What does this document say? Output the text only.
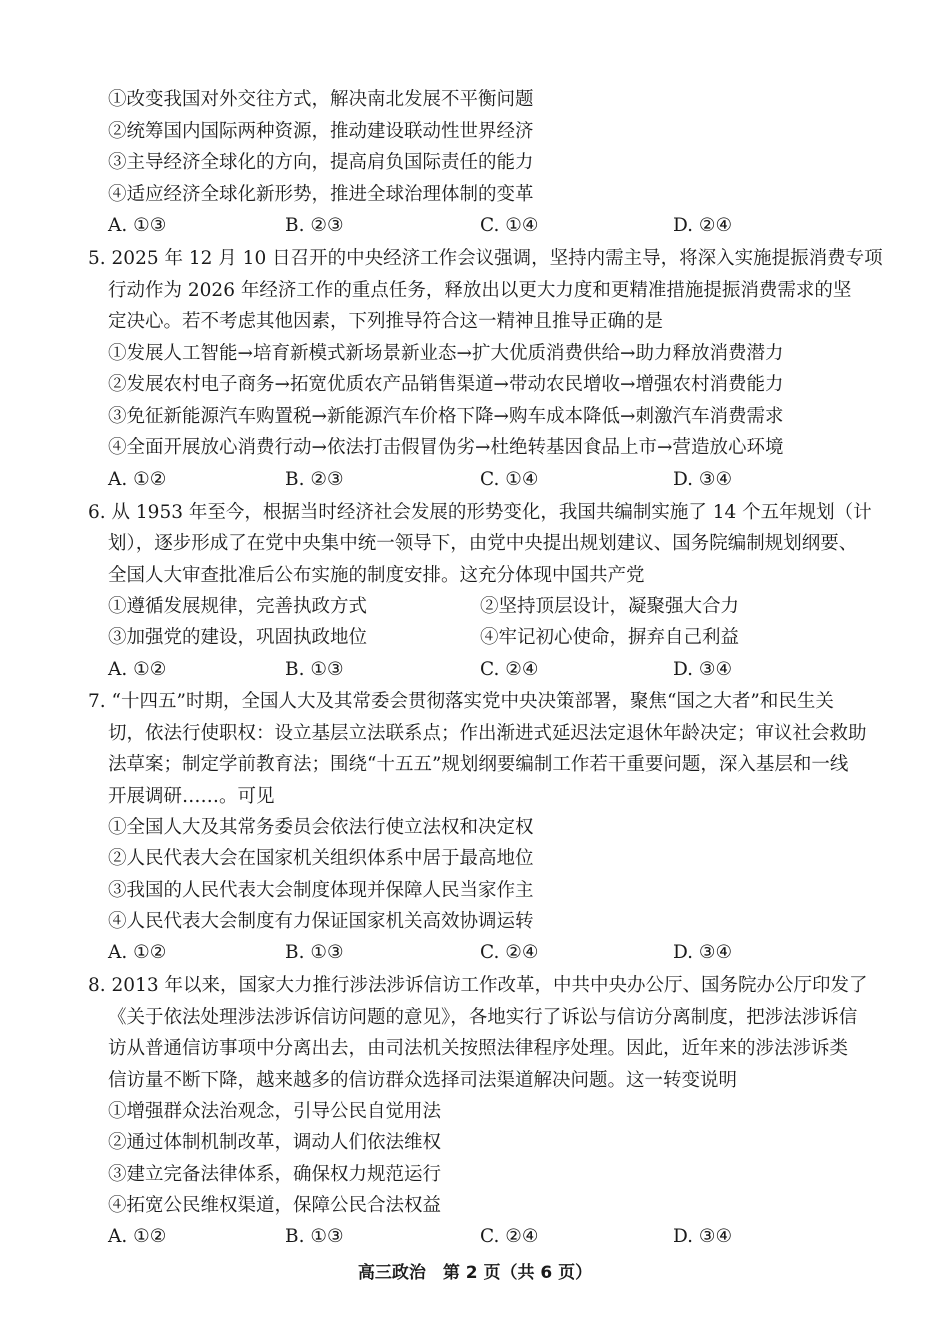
①改变我国对外交往方式，解决南北发展不平衡问题
②统筹国内国际两种资源，推动建设联动性世界经济
③主导经济全球化的方向，提高肩负国际责任的能力
④适应经济全球化新形势，推进全球治理体制的变革
A. ①③	B. ②③	C. ①④	D. ②④
5. 2025 年 12 月 10 日召开的中央经济工作会议强调，坚持内需主导，将深入实施提振消费专项
行动作为 2026 年经济工作的重点任务，释放出以更大力度和更精准措施提振消费需求的坚
定决心。若不考虑其他因素，下列推导符合这一精神且推导正确的是
①发展人工智能→培育新模式新场景新业态→扩大优质消费供给→助力释放消费潜力
②发展农村电子商务→拓宽优质农产品销售渠道→带动农民增收→增强农村消费能力
③免征新能源汽车购置税→新能源汽车价格下降→购车成本降低→刺激汽车消费需求
④全面开展放心消费行动→依法打击假冒伪劣→杜绝转基因食品上市→营造放心环境
A. ①②	B. ②③	C. ①④	D. ③④
6. 从 1953 年至今，根据当时经济社会发展的形势变化，我国共编制实施了 14 个五年规划（计
划），逐步形成了在党中央集中统一领导下，由党中央提出规划建议、国务院编制规划纲要、
全国人大审查批准后公布实施的制度安排。这充分体现中国共产党
①遵循发展规律，完善执政方式	②坚持顶层设计，凝聚强大合力
③加强党的建设，巩固执政地位	④牢记初心使命，摒弃自己利益
A. ①②	B. ①③	C. ②④	D. ③④
7. “十四五”时期，全国人大及其常委会贯彻落实党中央决策部署，聚焦“国之大者”和民生关
切，依法行使职权：设立基层立法联系点；作出渐进式延迟法定退休年龄决定；审议社会救助
法草案；制定学前教育法；围绕“十五五”规划纲要编制工作若干重要问题，深入基层和一线
开展调研……。可见
①全国人大及其常务委员会依法行使立法权和决定权
②人民代表大会在国家机关组织体系中居于最高地位
③我国的人民代表大会制度体现并保障人民当家作主
④人民代表大会制度有力保证国家机关高效协调运转
A. ①②	B. ①③	C. ②④	D. ③④
8. 2013 年以来，国家大力推行涉法涉诉信访工作改革，中共中央办公厅、国务院办公厅印发了
《关于依法处理涉法涉诉信访问题的意见》，各地实行了诉讼与信访分离制度，把涉法涉诉信
访从普通信访事项中分离出去，由司法机关按照法律程序处理。因此，近年来的涉法涉诉类
信访量不断下降，越来越多的信访群众选择司法渠道解决问题。这一转变说明
①增强群众法治观念，引导公民自觉用法
②通过体制机制改革，调动人们依法维权
③建立完备法律体系，确保权力规范运行
④拓宽公民维权渠道，保障公民合法权益
A. ①②	B. ①③	C. ②④	D. ③④
高三政治　第 2 页（共 6 页）
